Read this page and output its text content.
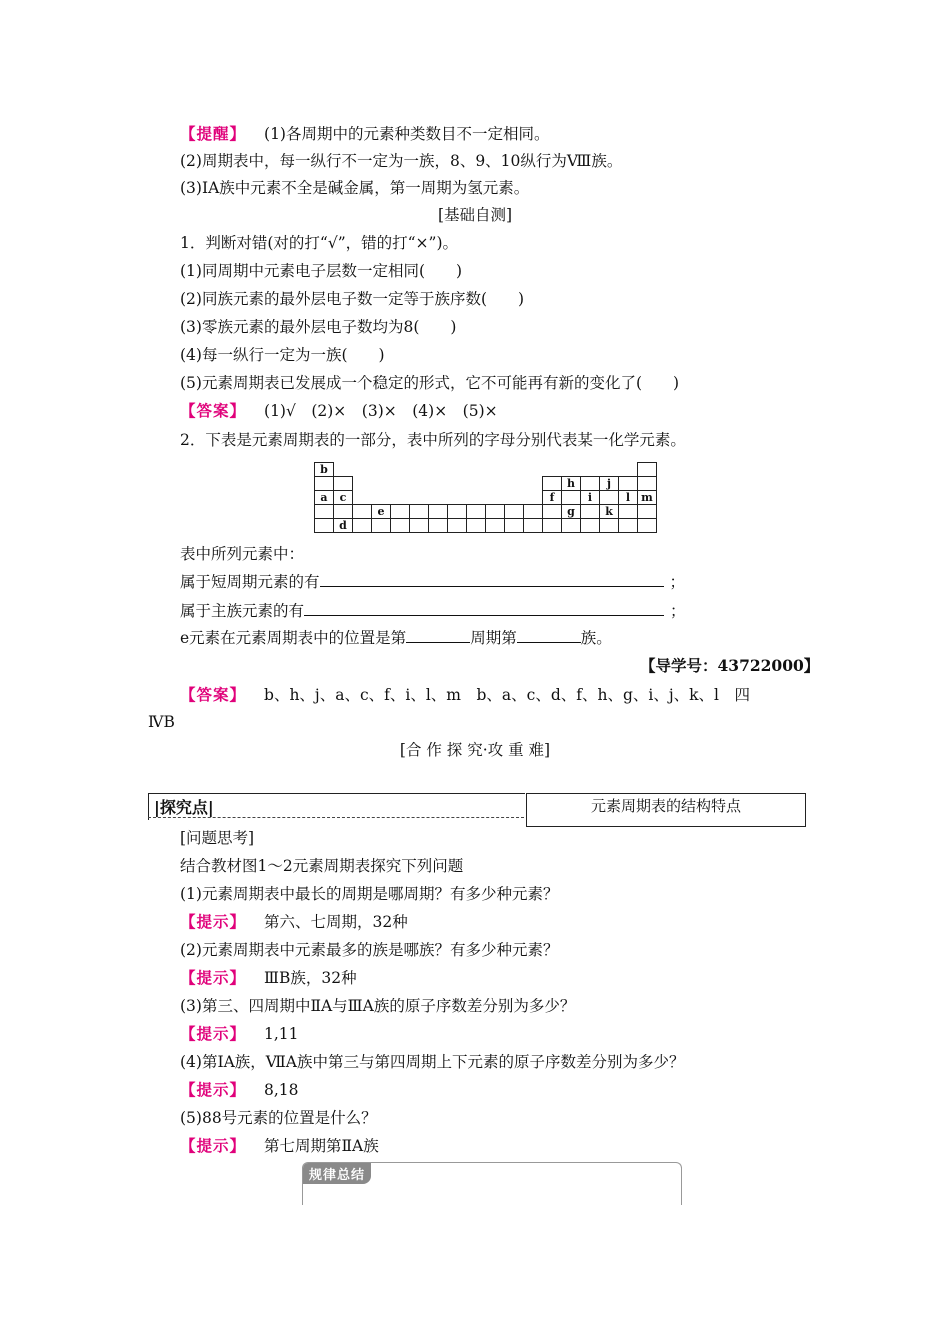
【提醒】 (1)各周期中的元素种类数目不一定相同。
(2)周期表中，每一纵行不一定为一族，8、9、10纵行为Ⅷ族。
(3)ⅠA族中元素不全是碱金属，第一周期为氢元素。
[基础自测]
1．判断对错(对的打“√”，错的打“×”)。
(1)同周期中元素电子层数一定相同(　　)
(2)同族元素的最外层电子数一定等于族序数(　　)
(3)零族元素的最外层电子数均为8(　　)
(4)每一纵行一定为一族(　　)
(5)元素周期表已发展成一个稳定的形式，它不可能再有新的变化了(　　)
【答案】 (1)√　(2)×　(3)×　(4)×　(5)×
2．下表是元素周期表的一部分，表中所列的字母分别代表某一化学元素。
b																	
													h		j		
a	c											f		i		l	m
			e										g		k		
	d																
表中所列元素中：
属于短周期元素的有	；
属于主族元素的有	；
e元素在元素周期表中的位置是第	周期第	族。
【导学号：43722000】
【答案】 b、h、j、a、c、f、i、l、m　b、a、c、d、f、h、g、i、j、k、l　四
ⅣB
[合 作 探 究·攻 重 难]
|探究点|	元素周期表的结构特点
[问题思考]
结合教材图1～2元素周期表探究下列问题
(1)元素周期表中最长的周期是哪周期？有多少种元素？
【提示】 第六、七周期，32种
(2)元素周期表中元素最多的族是哪族？有多少种元素？
【提示】 ⅢB族，32种
(3)第三、四周期中ⅡA与ⅢA族的原子序数差分别为多少？
【提示】 1,11
(4)第ⅠA族，ⅦA族中第三与第四周期上下元素的原子序数差分别为多少？
【提示】 8,18
(5)88号元素的位置是什么？
【提示】 第七周期第ⅡA族
规律总结
